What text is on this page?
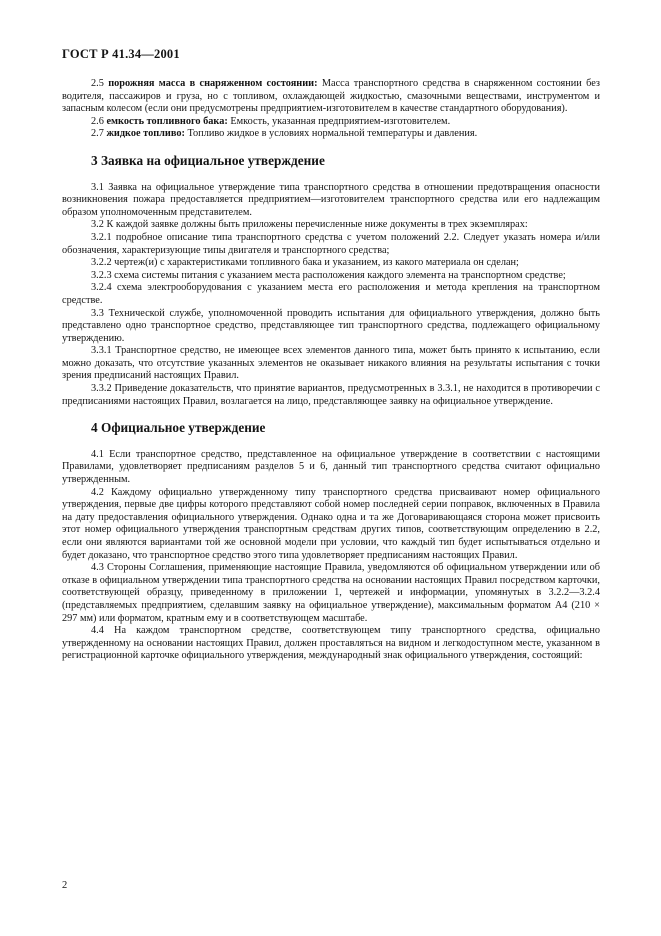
ГОСТ Р 41.34—2001

2.5 порожняя масса в снаряженном состоянии: Масса транспортного средства в снаряженном состоянии без водителя, пассажиров и груза, но с топливом, охлаждающей жидкостью, смазочными веществами, инструментом и запасным колесом (если они предусмотрены предприятием-изготовителем в качестве стандартного оборудования).

2.6 емкость топливного бака: Емкость, указанная предприятием-изготовителем.

2.7 жидкое топливо: Топливо жидкое в условиях нормальной температуры и давления.

3 Заявка на официальное утверждение

3.1 Заявка на официальное утверждение типа транспортного средства в отношении предотвращения опасности возникновения пожара предоставляется предприятием—изготовителем транспортного средства или его надлежащим образом уполномоченным представителем.

3.2 К каждой заявке должны быть приложены перечисленные ниже документы в трех экземплярах:

3.2.1 подробное описание типа транспортного средства с учетом положений 2.2. Следует указать номера и/или обозначения, характеризующие типы двигателя и транспортного средства;

3.2.2 чертеж(и) с характеристиками топливного бака и указанием, из какого материала он сделан;

3.2.3 схема системы питания с указанием места расположения каждого элемента на транспортном средстве;

3.2.4 схема электрооборудования с указанием места его расположения и метода крепления на транспортном средстве.

3.3 Технической службе, уполномоченной проводить испытания для официального утверждения, должно быть представлено одно транспортное средство, представляющее тип транспортного средства, подлежащего официальному утверждению.

3.3.1 Транспортное средство, не имеющее всех элементов данного типа, может быть принято к испытанию, если можно доказать, что отсутствие указанных элементов не оказывает никакого влияния на результаты испытания с точки зрения предписаний настоящих Правил.

3.3.2 Приведение доказательств, что принятие вариантов, предусмотренных в 3.3.1, не находится в противоречии с предписаниями настоящих Правил, возлагается на лицо, представляющее заявку на официальное утверждение.

4 Официальное утверждение

4.1 Если транспортное средство, представленное на официальное утверждение в соответствии с настоящими Правилами, удовлетворяет предписаниям разделов 5 и 6, данный тип транспортного средства считают официально утвержденным.

4.2 Каждому официально утвержденному типу транспортного средства присваивают номер официального утверждения, первые две цифры которого представляют собой номер последней серии поправок, включенных в Правила на дату предоставления официального утверждения. Однако одна и та же Договаривающаяся сторона может присвоить этот номер официального утверждения транспортным средствам других типов, соответствующим определению в 2.2, если они являются вариантами той же основной модели при условии, что каждый тип будет испытываться отдельно и будет доказано, что транспортное средство этого типа удовлетворяет предписаниям настоящих Правил.

4.3 Стороны Соглашения, применяющие настоящие Правила, уведомляются об официальном утверждении или об отказе в официальном утверждении типа транспортного средства на основании настоящих Правил посредством карточки, соответствующей образцу, приведенному в приложении 1, чертежей и информации, упомянутых в 3.2.2—3.2.4 (представляемых предприятием, сделавшим заявку на официальное утверждение), максимальным форматом А4 (210 × 297 мм) или форматом, кратным ему и в соответствующем масштабе.

4.4 На каждом транспортном средстве, соответствующем типу транспортного средства, официально утвержденному на основании настоящих Правил, должен проставляться на видном и легкодоступном месте, указанном в регистрационной карточке официального утверждения, международный знак официального утверждения, состоящий:

2
